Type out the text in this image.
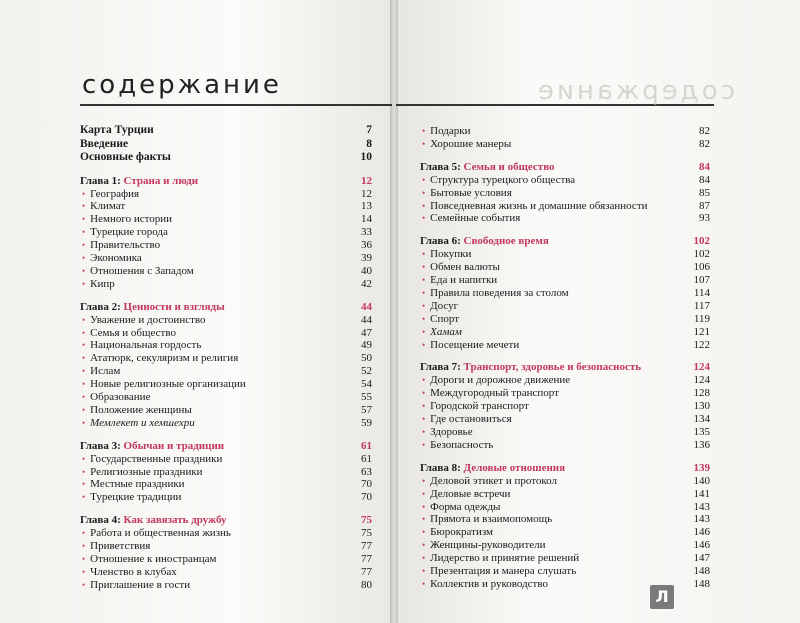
содержание	содержание
Карта Турции	7
Введение	8
Основные факты	10
Глава 1: Страна и люди	12
• География	12
• Климат	13
• Немного истории	14
• Турецкие города	33
• Правительство	36
• Экономика	39
• Отношения с Западом	40
• Кипр	42
Глава 2: Ценности и взгляды	44
• Уважение и достоинство	44
• Семья и общество	47
• Национальная гордость	49
• Ататюрк, секуляризм и религия	50
• Ислам	52
• Новые религиозные организации	54
• Образование	55
• Положение женщины	57
• Мемлекет и хемшехри	59
Глава 3: Обычаи и традиции	61
• Государственные праздники	61
• Религиозные праздники	63
• Местные праздники	70
• Турецкие традиции	70
Глава 4: Как завязать дружбу	75
• Работа и общественная жизнь	75
• Приветствия	77
• Отношение к иностранцам	77
• Членство в клубах	77
• Приглашение в гости	80
• Подарки	82
• Хорошие манеры	82
Глава 5: Семья и общество	84
• Структура турецкого общества	84
• Бытовые условия	85
• Повседневная жизнь и домашние обязанности	87
• Семейные события	93
Глава 6: Свободное время	102
• Покупки	102
• Обмен валюты	106
• Еда и напитки	107
• Правила поведения за столом	114
• Досуг	117
• Спорт	119
• Хамам	121
• Посещение мечети	122
Глава 7: Транспорт, здоровье и безопасность	124
• Дороги и дорожное движение	124
• Междугородный транспорт	128
• Городской транспорт	130
• Где остановиться	134
• Здоровье	135
• Безопасность	136
Глава 8: Деловые отношения	139
• Деловой этикет и протокол	140
• Деловые встречи	141
• Форма одежды	143
• Прямота и взаимопомощь	143
• Бюрократизм	146
• Женщины-руководители	146
• Лидерство и принятие решений	147
• Презентация и манера слушать	148
• Коллектив и руководство	148
Л
